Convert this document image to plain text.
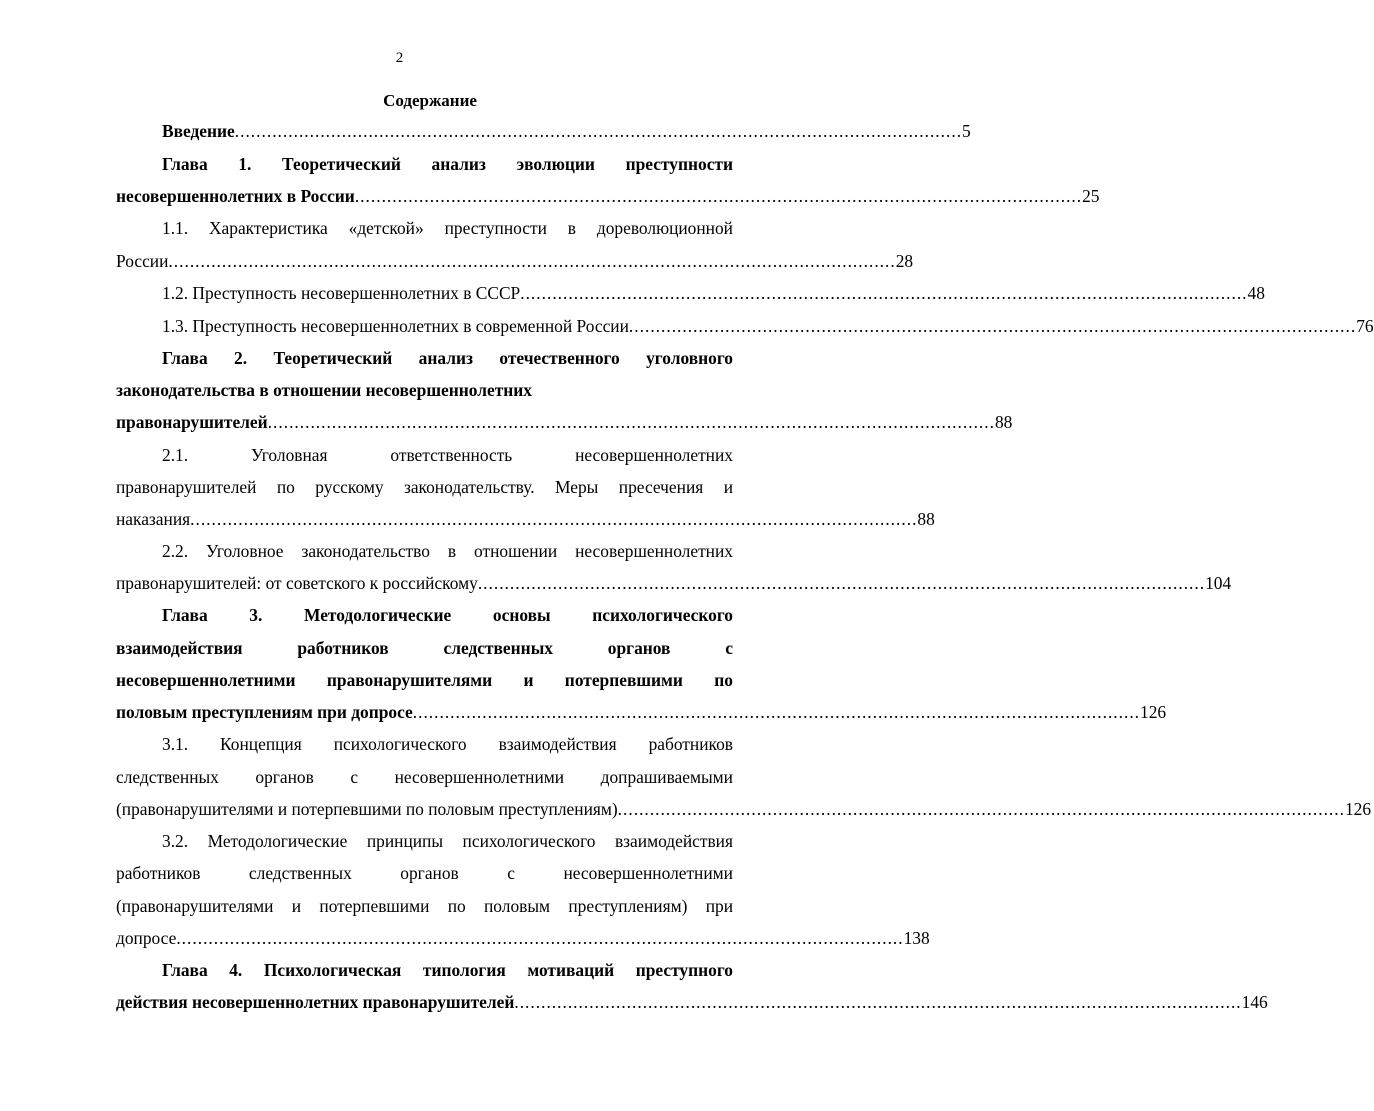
2
Содержание
Введение ........................................................................................................................................ 5
Глава 1. Теоретический анализ эволюции преступности
несовершеннолетних в России ........................................................................................................................................ 25
1.1. Характеристика «детской» преступности в дореволюционной
России ........................................................................................................................................ 28
1.2. Преступность несовершеннолетних в СССР ........................................................................................................................................ 48
1.3. Преступность несовершеннолетних в современной России ........................................................................................................................................ 76
Глава 2. Теоретический анализ отечественного уголовного
законодательства в отношении несовершеннолетних
правонарушителей ........................................................................................................................................ 88
2.1. Уголовная ответственность несовершеннолетних
правонарушителей по русскому законодательству. Меры пресечения и
наказания ........................................................................................................................................ 88
2.2. Уголовное законодательство в отношении несовершеннолетних
правонарушителей: от советского к российскому ........................................................................................................................................ 104
Глава 3. Методологические основы психологического
взаимодействия работников следственных органов с
несовершеннолетними правонарушителями и потерпевшими по
половым преступлениям при допросе ........................................................................................................................................ 126
3.1. Концепция психологического взаимодействия работников
следственных органов с несовершеннолетними допрашиваемыми
(правонарушителями и потерпевшими по половым преступлениям) ........................................................................................................................................ 126
3.2. Методологические принципы психологического взаимодействия
работников следственных органов с несовершеннолетними
(правонарушителями и потерпевшими по половым преступлениям) при
допросе ........................................................................................................................................ 138
Глава 4. Психологическая типология мотиваций преступного
действия несовершеннолетних правонарушителей ........................................................................................................................................ 146
